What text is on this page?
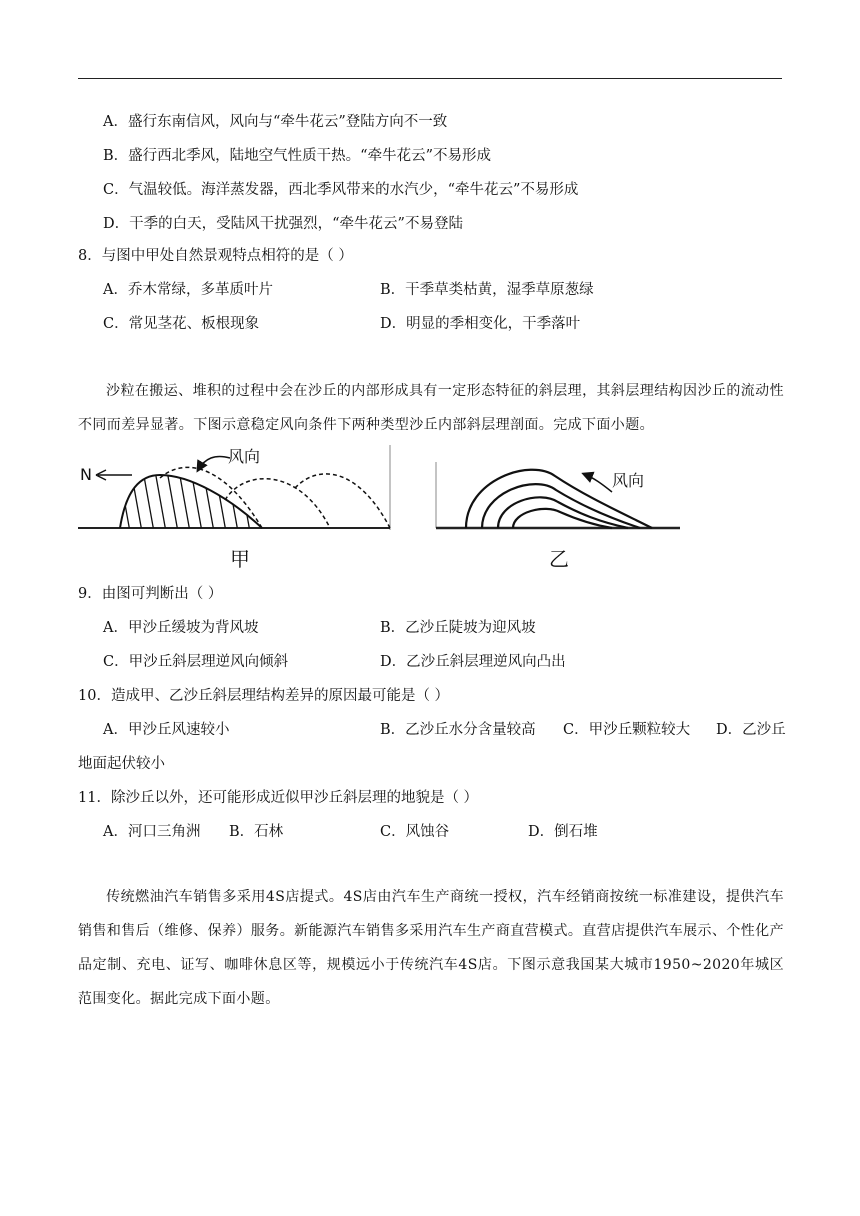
A．盛行东南信风，风向与“牵牛花云”登陆方向不一致
B．盛行西北季风，陆地空气性质干热。“牵牛花云”不易形成
C．气温较低。海洋蒸发器，西北季风带来的水汽少，“牵牛花云”不易形成
D．干季的白天，受陆风干扰强烈，“牵牛花云”不易登陆
8．与图中甲处自然景观特点相符的是（ ）
A．乔木常绿，多革质叶片	B．干季草类枯黄，湿季草原葱绿
C．常见茎花、板根现象	D．明显的季相变化，干季落叶
沙粒在搬运、堆积的过程中会在沙丘的内部形成具有一定形态特征的斜层理，其斜层理结构因沙丘的流动性不同而差异显著。下图示意稳定风向条件下两种类型沙丘内部斜层理剖面。完成下面小题。
N
风向
甲
风向
乙
9．由图可判断出（ ）
A．甲沙丘缓坡为背风坡	B．乙沙丘陡坡为迎风坡
C．甲沙丘斜层理逆风向倾斜	D．乙沙丘斜层理逆风向凸出
10．造成甲、乙沙丘斜层理结构差异的原因最可能是（ ）
A．甲沙丘风速较小	B．乙沙丘水分含量较高 C．甲沙丘颗粒较大 D．乙沙丘
地面起伏较小
11．除沙丘以外，还可能形成近似甲沙丘斜层理的地貌是（ ）
A．河口三角洲 B．石林	C．风蚀谷	D．倒石堆
传统燃油汽车销售多采用4S店提式。4S店由汽车生产商统一授权，汽车经销商按统一标准建设，提供汽车销售和售后（维修、保养）服务。新能源汽车销售多采用汽车生产商直营模式。直营店提供汽车展示、个性化产品定制、充电、证写、咖啡休息区等，规模远小于传统汽车4S店。下图示意我国某大城市1950~2020年城区范围变化。据此完成下面小题。
